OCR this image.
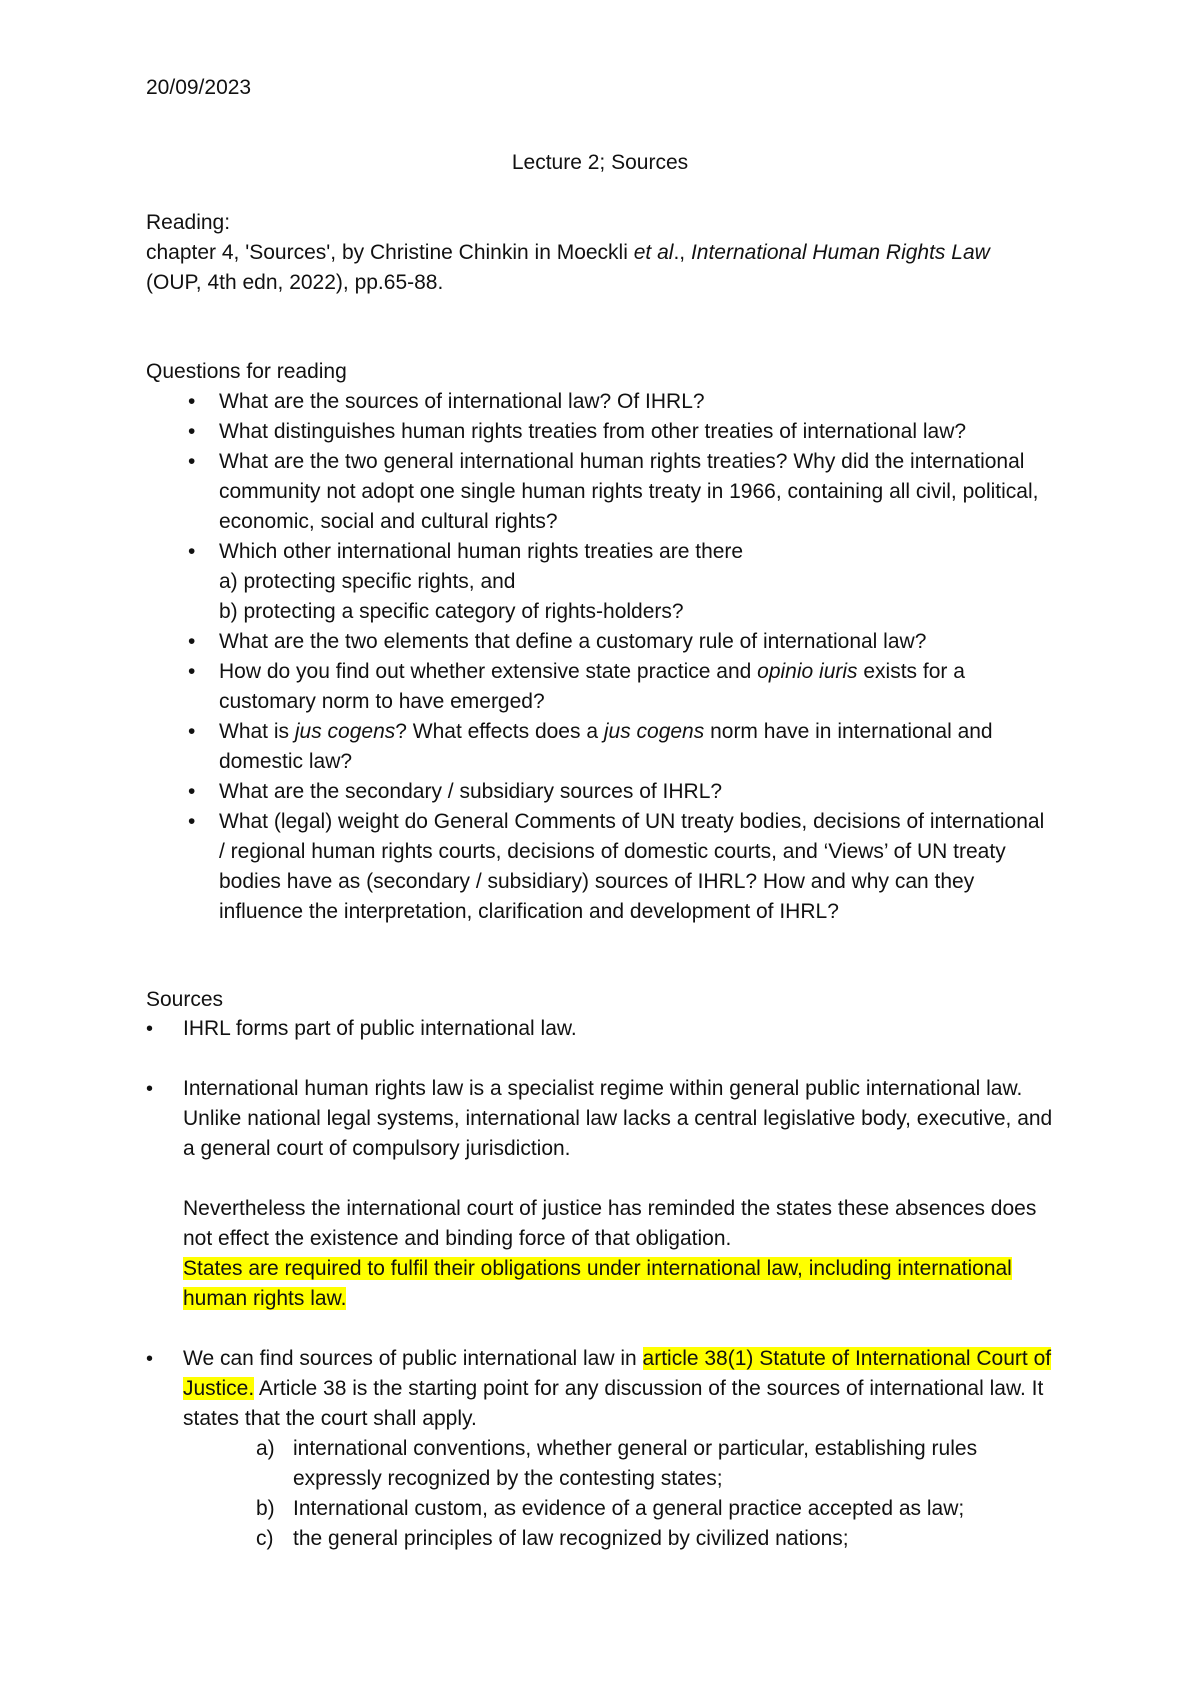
20/09/2023
Lecture 2; Sources
Reading:
chapter 4, 'Sources', by Christine Chinkin in Moeckli et al., International Human Rights Law (OUP, 4th edn, 2022), pp.65-88.
Questions for reading
• What are the sources of international law? Of IHRL?
• What distinguishes human rights treaties from other treaties of international law?
• What are the two general international human rights treaties? Why did the international community not adopt one single human rights treaty in 1966, containing all civil, political, economic, social and cultural rights?
• Which other international human rights treaties are there
a) protecting specific rights, and
b) protecting a specific category of rights-holders?
• What are the two elements that define a customary rule of international law?
• How do you find out whether extensive state practice and opinio iuris exists for a customary norm to have emerged?
• What is jus cogens? What effects does a jus cogens norm have in international and domestic law?
• What are the secondary / subsidiary sources of IHRL?
• What (legal) weight do General Comments of UN treaty bodies, decisions of international / regional human rights courts, decisions of domestic courts, and ‘Views’ of UN treaty bodies have as (secondary / subsidiary) sources of IHRL? How and why can they influence the interpretation, clarification and development of IHRL?
Sources
• IHRL forms part of public international law.
• International human rights law is a specialist regime within general public international law. Unlike national legal systems, international law lacks a central legislative body, executive, and a general court of compulsory jurisdiction.
Nevertheless the international court of justice has reminded the states these absences does not effect the existence and binding force of that obligation.
States are required to fulfil their obligations under international law, including international human rights law.
• We can find sources of public international law in article 38(1) Statute of International Court of Justice. Article 38 is the starting point for any discussion of the sources of international law. It states that the court shall apply.
a) international conventions, whether general or particular, establishing rules expressly recognized by the contesting states;
b) International custom, as evidence of a general practice accepted as law;
c) the general principles of law recognized by civilized nations;
